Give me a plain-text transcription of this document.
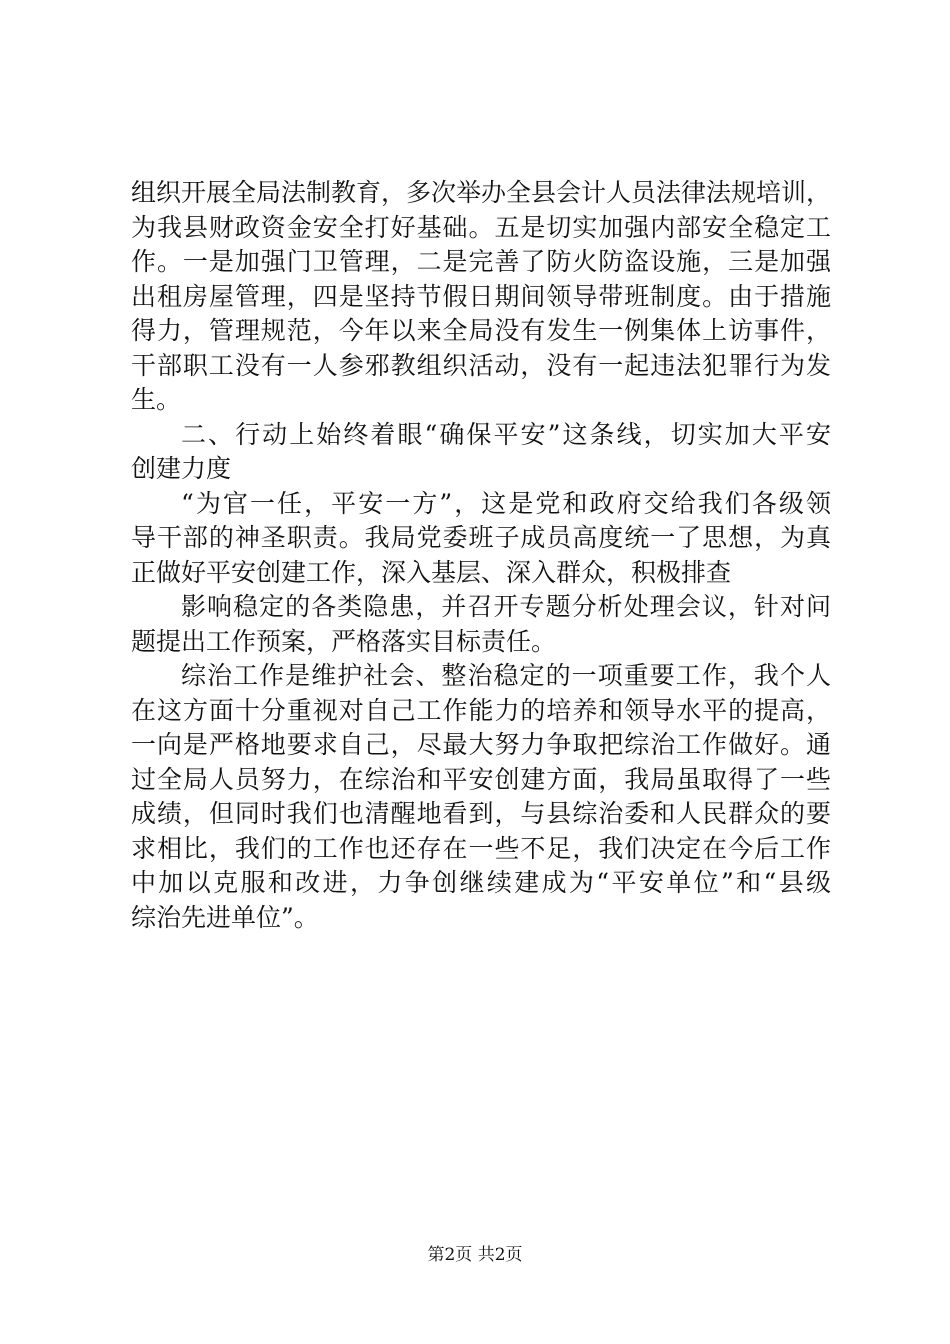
组织开展全局法制教育，多次举办全县会计人员法律法规培训，
为我县财政资金安全打好基础。五是切实加强内部安全稳定工
作。一是加强门卫管理，二是完善了防火防盗设施，三是加强
出租房屋管理，四是坚持节假日期间领导带班制度。由于措施
得力，管理规范，今年以来全局没有发生一例集体上访事件，
干部职工没有一人参邪教组织活动，没有一起违法犯罪行为发
生。
二、行动上始终着眼“确保平安”这条线，切实加大平安
创建力度
“为官一任，平安一方”，这是党和政府交给我们各级领
导干部的神圣职责。我局党委班子成员高度统一了思想，为真
正做好平安创建工作，深入基层、深入群众，积极排查
影响稳定的各类隐患，并召开专题分析处理会议，针对问
题提出工作预案，严格落实目标责任。
综治工作是维护社会、整治稳定的一项重要工作，我个人
在这方面十分重视对自己工作能力的培养和领导水平的提高，
一向是严格地要求自己，尽最大努力争取把综治工作做好。通
过全局人员努力，在综治和平安创建方面，我局虽取得了一些
成绩，但同时我们也清醒地看到，与县综治委和人民群众的要
求相比，我们的工作也还存在一些不足，我们决定在今后工作
中加以克服和改进，力争创继续建成为“平安单位”和“县级
综治先进单位”。
第2页 共2页
